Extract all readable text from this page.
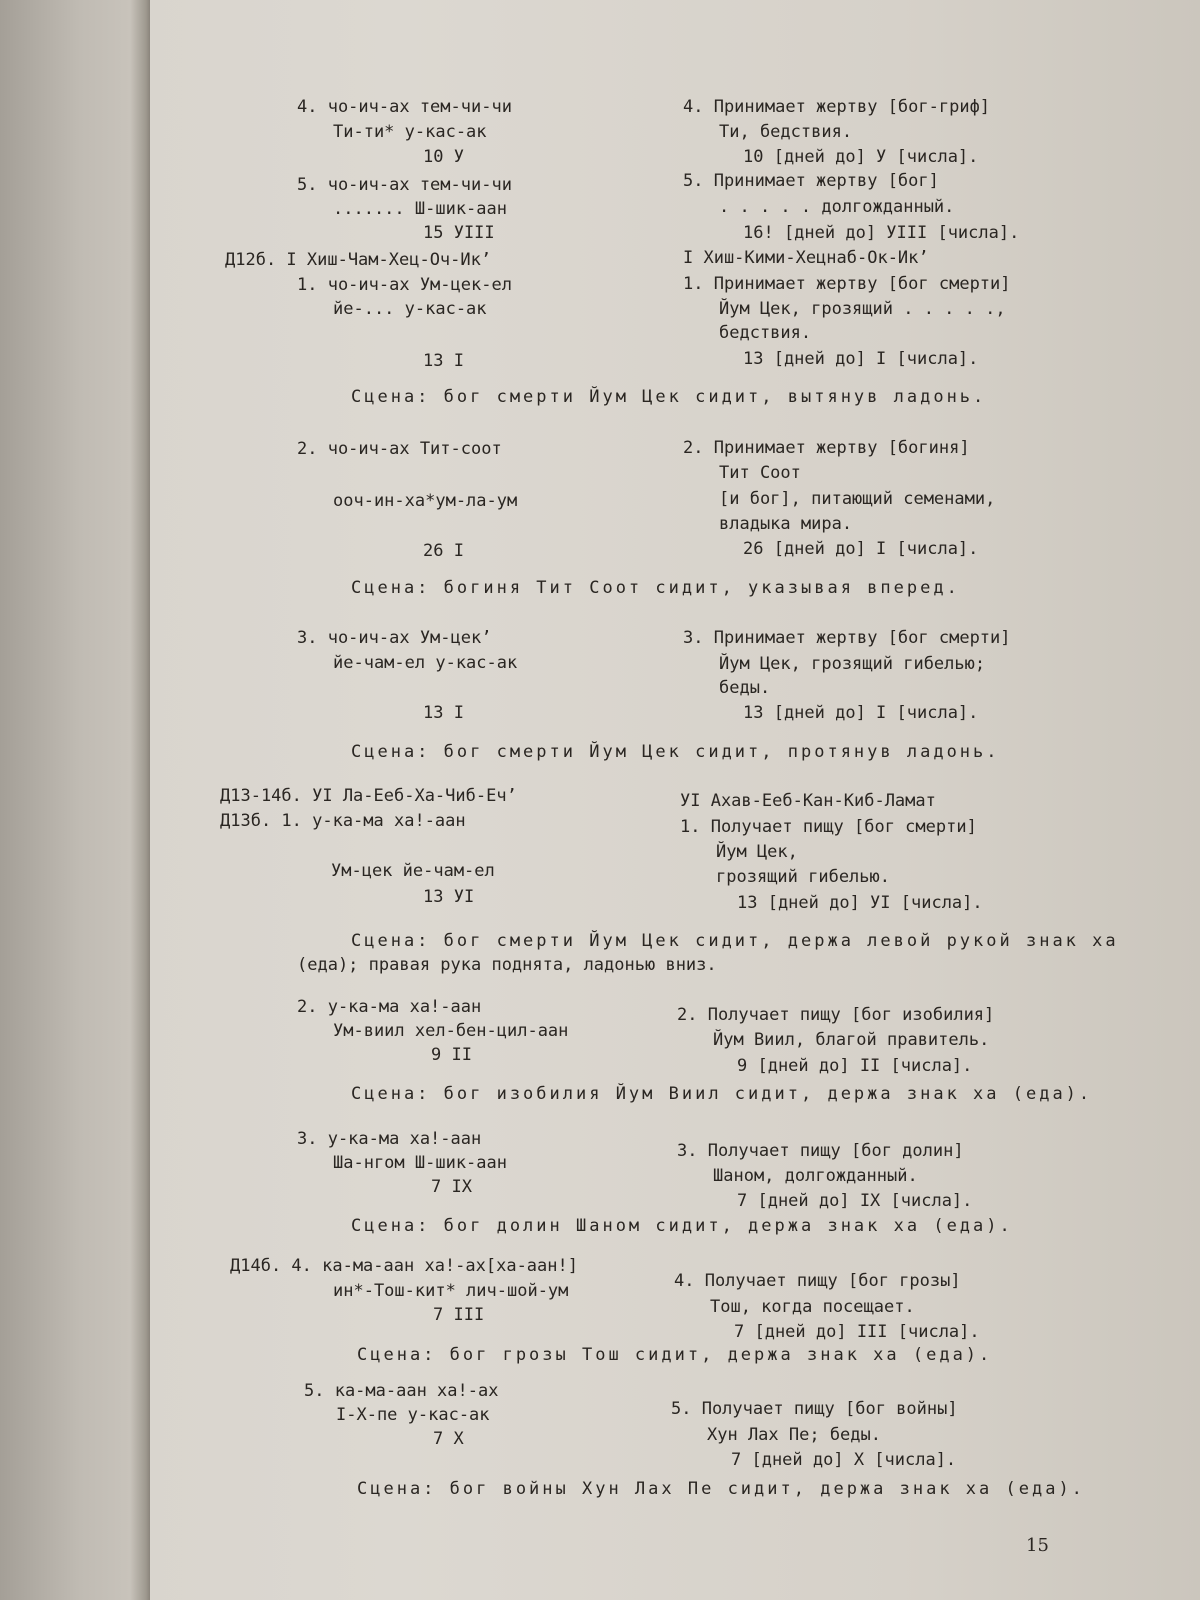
4. чо-ич-ах тем-чи-чи
Ти-ти* у-кас-ак
10 У
5. чо-ич-ах тем-чи-чи
....... Ш-шик-аан
15 УIII
Д12б. I Хиш-Чам-Хец-Оч-Ик’
1. чо-ич-ах Ум-цек-ел
йе-... у-кас-ак
13 I
4. Принимает жертву [бог-гриф]
Ти, бедствия.
10 [дней до] У [числа].
5. Принимает жертву [бог]
. . . . . долгожданный.
16! [дней до] УIII [числа].
I Хиш-Кими-Хецнаб-Ок-Ик’
1. Принимает жертву [бог смерти]
Йум Цек, грозящий . . . . .,
бедствия.
13 [дней до] I [числа].
Сцена: бог смерти Йум Цек сидит, вытянув ладонь.
2. чо-ич-ах Тит-соот
ооч-ин-ха*ум-ла-ум
26 I
2. Принимает жертву [богиня]
Тит Соот
[и бог], питающий семенами,
владыка мира.
26 [дней до] I [числа].
Сцена: богиня Тит Соот сидит, указывая вперед.
3. чо-ич-ах Ум-цек’
йе-чам-ел у-кас-ак
13 I
3. Принимает жертву [бог смерти]
Йум Цек, грозящий гибелью;
беды.
13 [дней до] I [числа].
Сцена: бог смерти Йум Цек сидит, протянув ладонь.
Д13-14б. УI Ла-Еeб-Ха-Чиб-Еч’
Д13б. 1. у-ка-ма ха!-аан
Ум-цек йе-чам-ел
13 УI
УI Ахав-Еeб-Кан-Киб-Ламат
1. Получает пищу [бог смерти]
Йум Цек,
грозящий гибелью.
13 [дней до] УI [числа].
Сцена: бог смерти Йум Цек сидит, держа левой рукой знак ха
(еда); правая рука поднята, ладонью вниз.
2. у-ка-ма ха!-аан
Ум-виил хел-бен-цил-аан
9 II
2. Получает пищу [бог изобилия]
Йум Виил, благой правитель.
9 [дней до] II [числа].
Сцена: бог изобилия Йум Виил сидит, держа знак ха (еда).
3. у-ка-ма ха!-аан
Ша-нгом Ш-шик-аан
7 IX
3. Получает пищу [бог долин]
Шаном, долгожданный.
7 [дней до] IX [числа].
Сцена: бог долин Шаном сидит, держа знак ха (еда).
Д14б. 4. ка-ма-аан ха!-ах[ха-аан!]
ин*-Тош-кит* лич-шой-ум
7 III
4. Получает пищу [бог грозы]
Тош, когда посещает.
7 [дней до] III [числа].
Сцена: бог грозы Тош сидит, держа знак ха (еда).
5. ка-ма-аан ха!-ах
I-Х-пе у-кас-ак
7 Х
5. Получает пищу [бог войны]
Хун Лах Пе; беды.
7 [дней до] Х [числа].
Сцена: бог войны Хун Лах Пе сидит, держа знак ха (еда).
15
